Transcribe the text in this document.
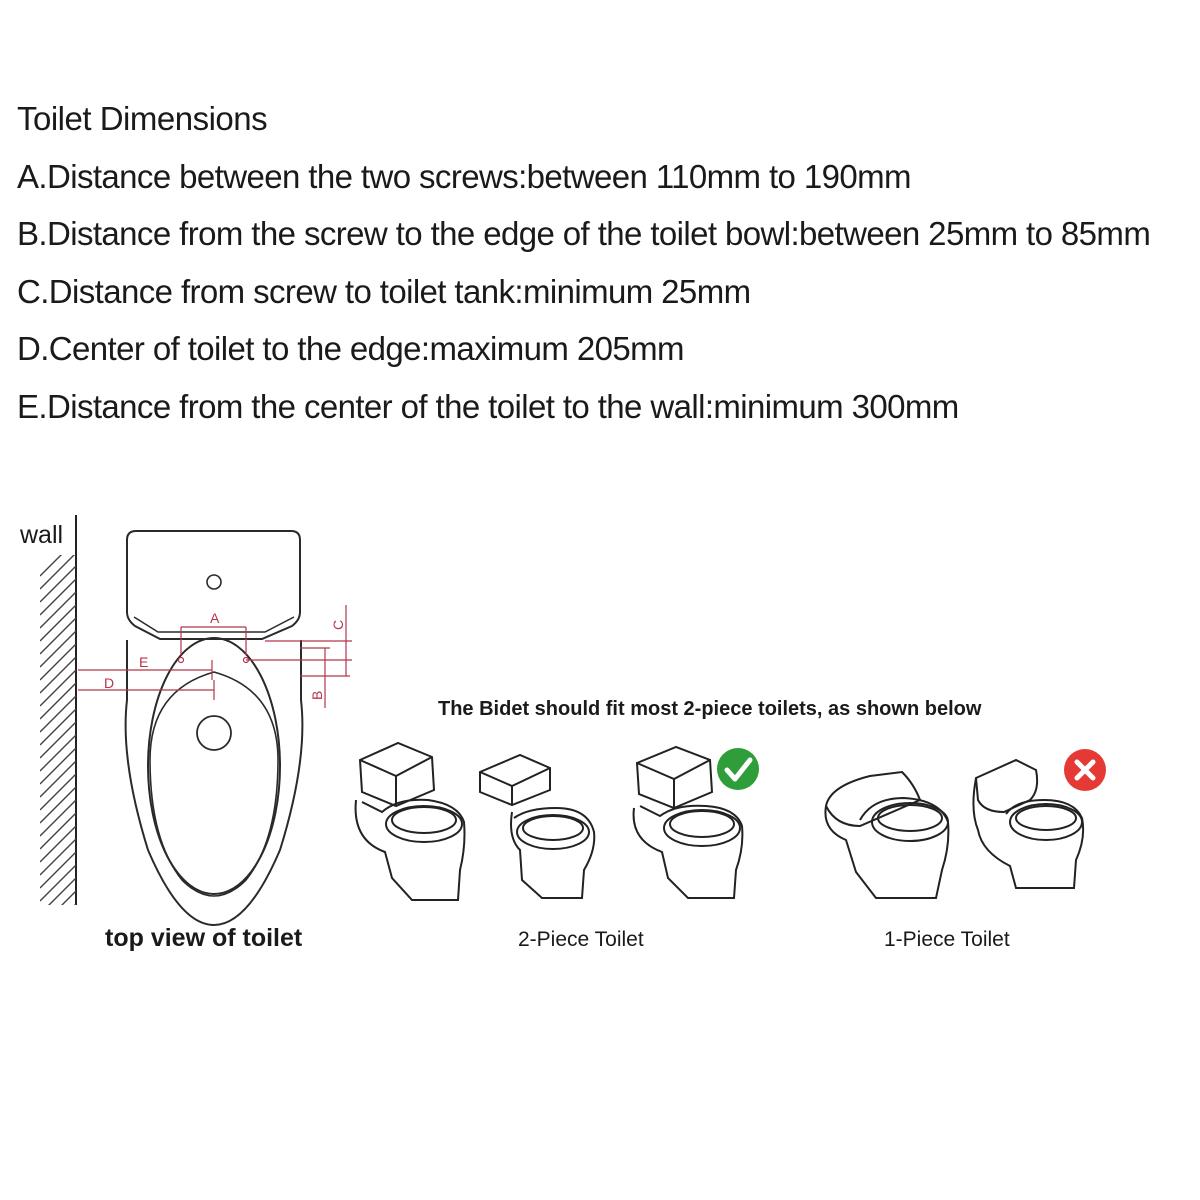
Toilet Dimensions
A.Distance between the two screws:between 110mm to 190mm
B.Distance from the screw to the edge of the toilet bowl:between 25mm to 85mm
C.Distance from screw to toilet tank:minimum 25mm
D.Center of toilet to the edge:maximum 205mm
E.Distance from the center of the toilet to the wall:minimum 300mm
A
E
D
B
C
wall
top view of toilet
The Bidet should fit most 2-piece toilets, as shown below
2-Piece Toilet	1-Piece Toilet
